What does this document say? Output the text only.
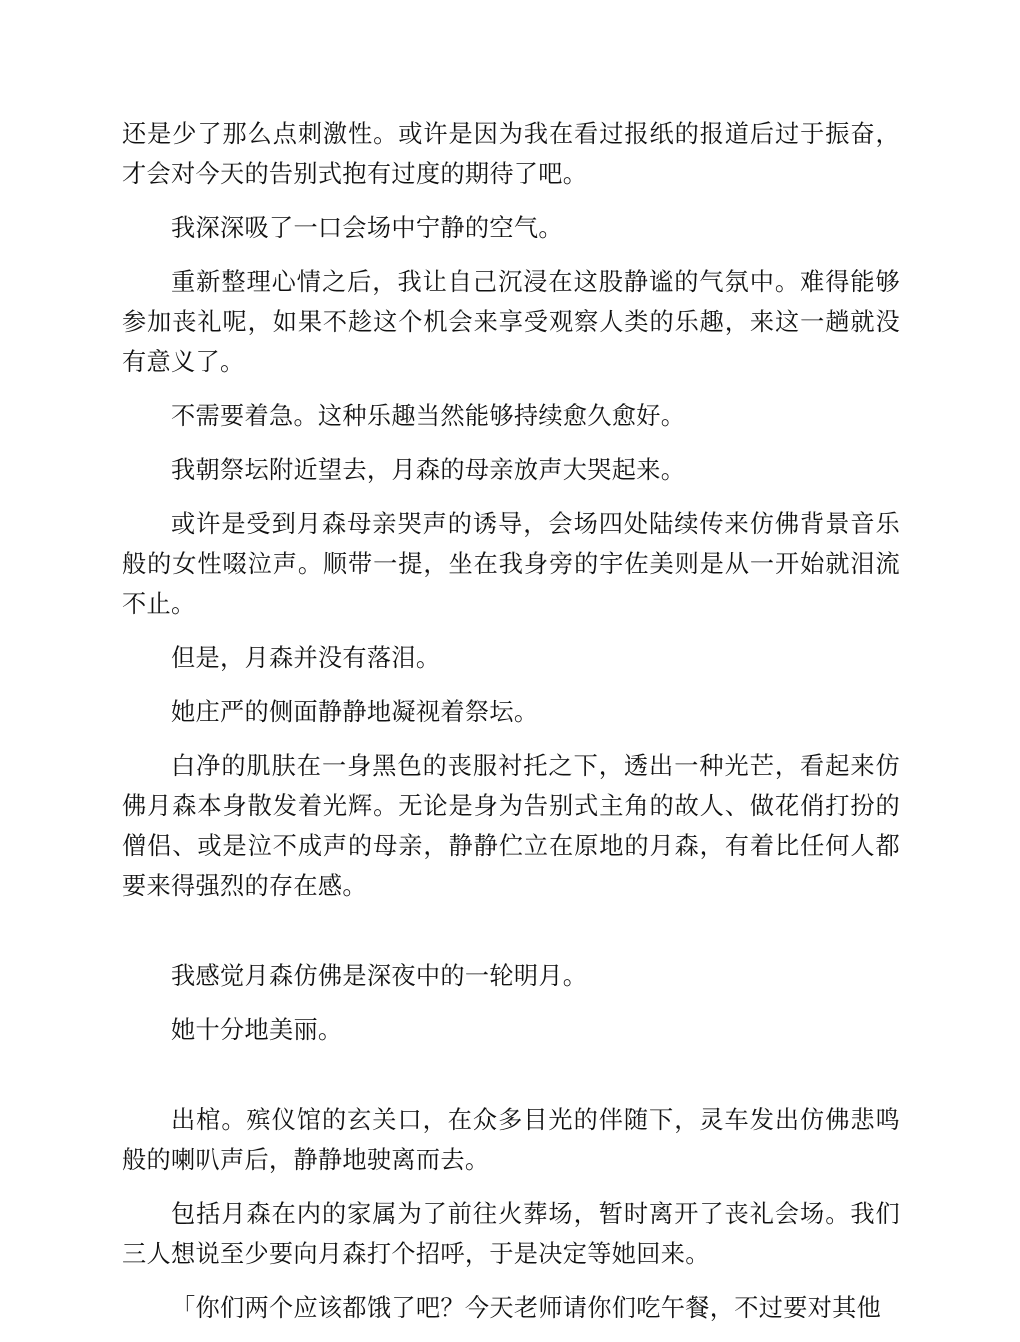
还是少了那么点刺激性。或许是因为我在看过报纸的报道后过于振奋，才会对今天的告别式抱有过度的期待了吧。

我深深吸了一口会场中宁静的空气。

重新整理心情之后，我让自己沉浸在这股静谧的气氛中。难得能够参加丧礼呢，如果不趁这个机会来享受观察人类的乐趣，来这一趟就没有意义了。

不需要着急。这种乐趣当然能够持续愈久愈好。

我朝祭坛附近望去，月森的母亲放声大哭起来。

或许是受到月森母亲哭声的诱导，会场四处陆续传来仿佛背景音乐般的女性啜泣声。顺带一提，坐在我身旁的宇佐美则是从一开始就泪流不止。

但是，月森并没有落泪。

她庄严的侧面静静地凝视着祭坛。

白净的肌肤在一身黑色的丧服衬托之下，透出一种光芒，看起来仿佛月森本身散发着光辉。无论是身为告别式主角的故人、做花俏打扮的僧侣、或是泣不成声的母亲，静静伫立在原地的月森，有着比任何人都要来得强烈的存在感。

我感觉月森仿佛是深夜中的一轮明月。

她十分地美丽。

出棺。殡仪馆的玄关口，在众多目光的伴随下，灵车发出仿佛悲鸣般的喇叭声后，静静地驶离而去。

包括月森在内的家属为了前往火葬场，暂时离开了丧礼会场。我们三人想说至少要向月森打个招呼，于是决定等她回来。

「你们两个应该都饿了吧？今天老师请你们吃午餐，不过要对其他
